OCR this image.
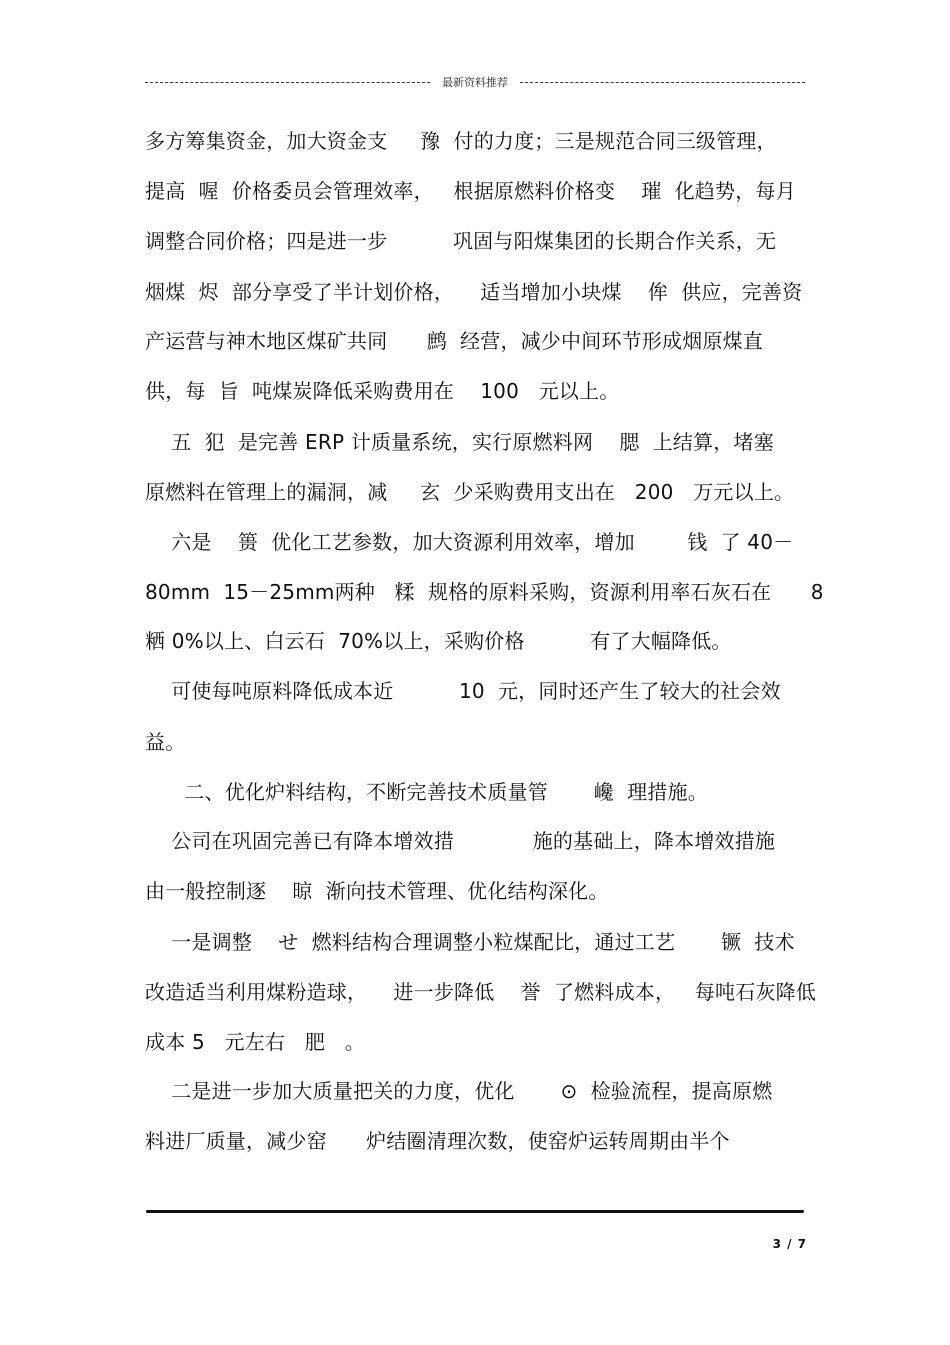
最新资料推荐
多方筹集资金，加大资金支     豫  付的力度；三是规范合同三级管理，
提高  喔  价格委员会管理效率，   根据原燃料价格变    璀  化趋势，每月
调整合同价格；四是进一步          巩固与阳煤集团的长期合作关系，无
烟煤  烬  部分享受了半计划价格，    适当增加小块煤    侔  供应，完善资
产运营与神木地区煤矿共同      鹧  经营，减少中间环节形成烟原煤直
供，每  旨  吨煤炭降低采购费用在    100   元以上。
五  犯  是完善 ERP 计质量系统，实行原燃料网    腮  上结算，堵塞
原燃料在管理上的漏洞，减     玄  少采购费用支出在   200   万元以上。
六是    篑  优化工艺参数，加大资源利用效率，增加        钱  了 40－
80mm  15－25mm两种   糅  规格的原料采购，资源利用率石灰石在      8
粞 0%以上、白云石  70%以上，采购价格          有了大幅降低。
可使每吨原料降低成本近          10  元，同时还产生了较大的社会效
益。
二、优化炉料结构，不断完善技术质量管       巉  理措施。
公司在巩固完善已有降本增效措            施的基础上，降本增效措施
由一般控制逐    晾  渐向技术管理、优化结构深化。
一是调整    せ  燃料结构合理调整小粒煤配比，通过工艺       镢  技术
改造适当利用煤粉造球，    进一步降低    誉  了燃料成本，   每吨石灰降低
成本 5   元左右   肥   。
二是进一步加大质量把关的力度，优化       ⊙  检验流程，提高原燃
料进厂质量，减少窑      炉结圈清理次数，使窑炉运转周期由半个
3 / 7
